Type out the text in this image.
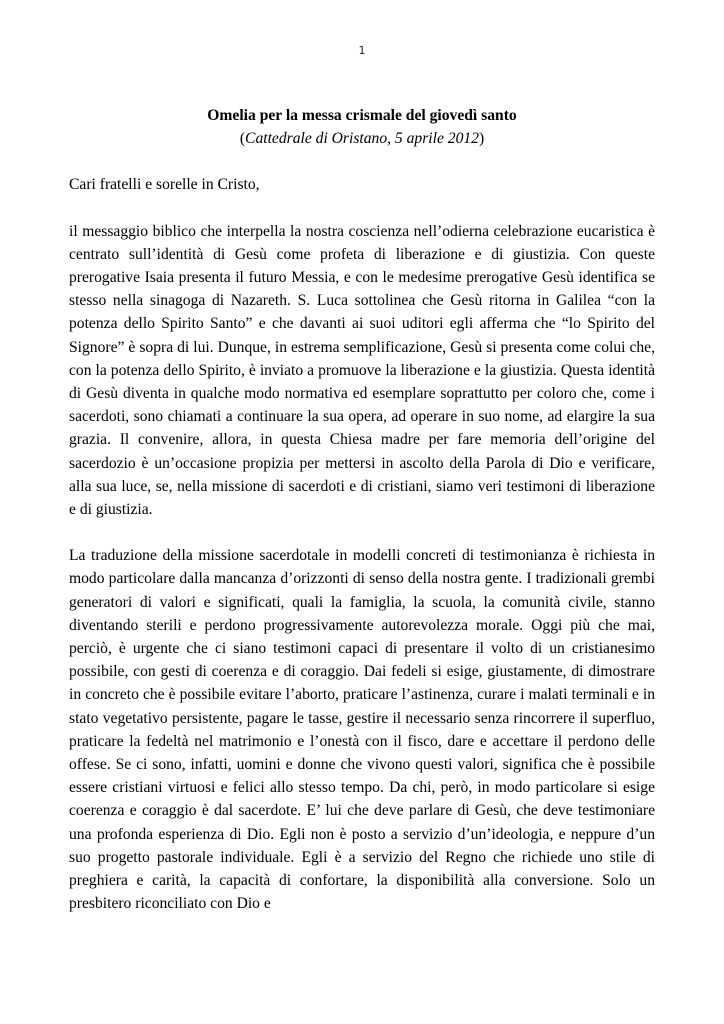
1

Omelia per la messa crismale del giovedì santo

(Cattedrale di Oristano, 5 aprile 2012)

Cari fratelli e sorelle in Cristo,

il messaggio biblico che interpella la nostra coscienza nell’odierna celebrazione eucaristica è centrato sull’identità di Gesù come profeta di liberazione e di giustizia. Con queste prerogative Isaia presenta il futuro Messia, e con le medesime prerogative Gesù identifica se stesso nella sinagoga di Nazareth. S. Luca sottolinea che Gesù ritorna in Galilea “con la potenza dello Spirito Santo” e che davanti ai suoi uditori egli afferma che “lo Spirito del Signore” è sopra di lui. Dunque, in estrema semplificazione, Gesù si presenta come colui che, con la potenza dello Spirito, è inviato a promuove la liberazione e la giustizia. Questa identità di Gesù diventa in qualche modo normativa ed esemplare soprattutto per coloro che, come i sacerdoti, sono chiamati a continuare la sua opera, ad operare in suo nome, ad elargire la sua grazia. Il convenire, allora, in questa Chiesa madre per fare memoria dell’origine del sacerdozio è un’occasione propizia per mettersi in ascolto della Parola di Dio e verificare, alla sua luce, se, nella missione di sacerdoti e di cristiani, siamo veri testimoni di liberazione e di giustizia.

La traduzione della missione sacerdotale in modelli concreti di testimonianza è richiesta in modo particolare dalla mancanza d’orizzonti di senso della nostra gente. I tradizionali grembi generatori di valori e significati, quali la famiglia, la scuola, la comunità civile, stanno diventando sterili e perdono progressivamente autorevolezza morale. Oggi più che mai, perciò, è urgente che ci siano testimoni capaci di presentare il volto di un cristianesimo possibile, con gesti di coerenza e di coraggio. Dai fedeli si esige, giustamente, di dimostrare in concreto che è possibile evitare l’aborto, praticare l’astinenza, curare i malati terminali e in stato vegetativo persistente, pagare le tasse, gestire il necessario senza rincorrere il superfluo, praticare la fedeltà nel matrimonio e l’onestà con il fisco, dare e accettare il perdono delle offese. Se ci sono, infatti, uomini e donne che vivono questi valori, significa che è possibile essere cristiani virtuosi e felici allo stesso tempo. Da chi, però, in modo particolare si esige coerenza e coraggio è dal sacerdote. E’ lui che deve parlare di Gesù, che deve testimoniare una profonda esperienza di Dio. Egli non è posto a servizio d’un’ideologia, e neppure d’un suo progetto pastorale individuale. Egli è a servizio del Regno che richiede uno stile di preghiera e carità, la capacità di confortare, la disponibilità alla conversione. Solo un presbitero riconciliato con Dio e
